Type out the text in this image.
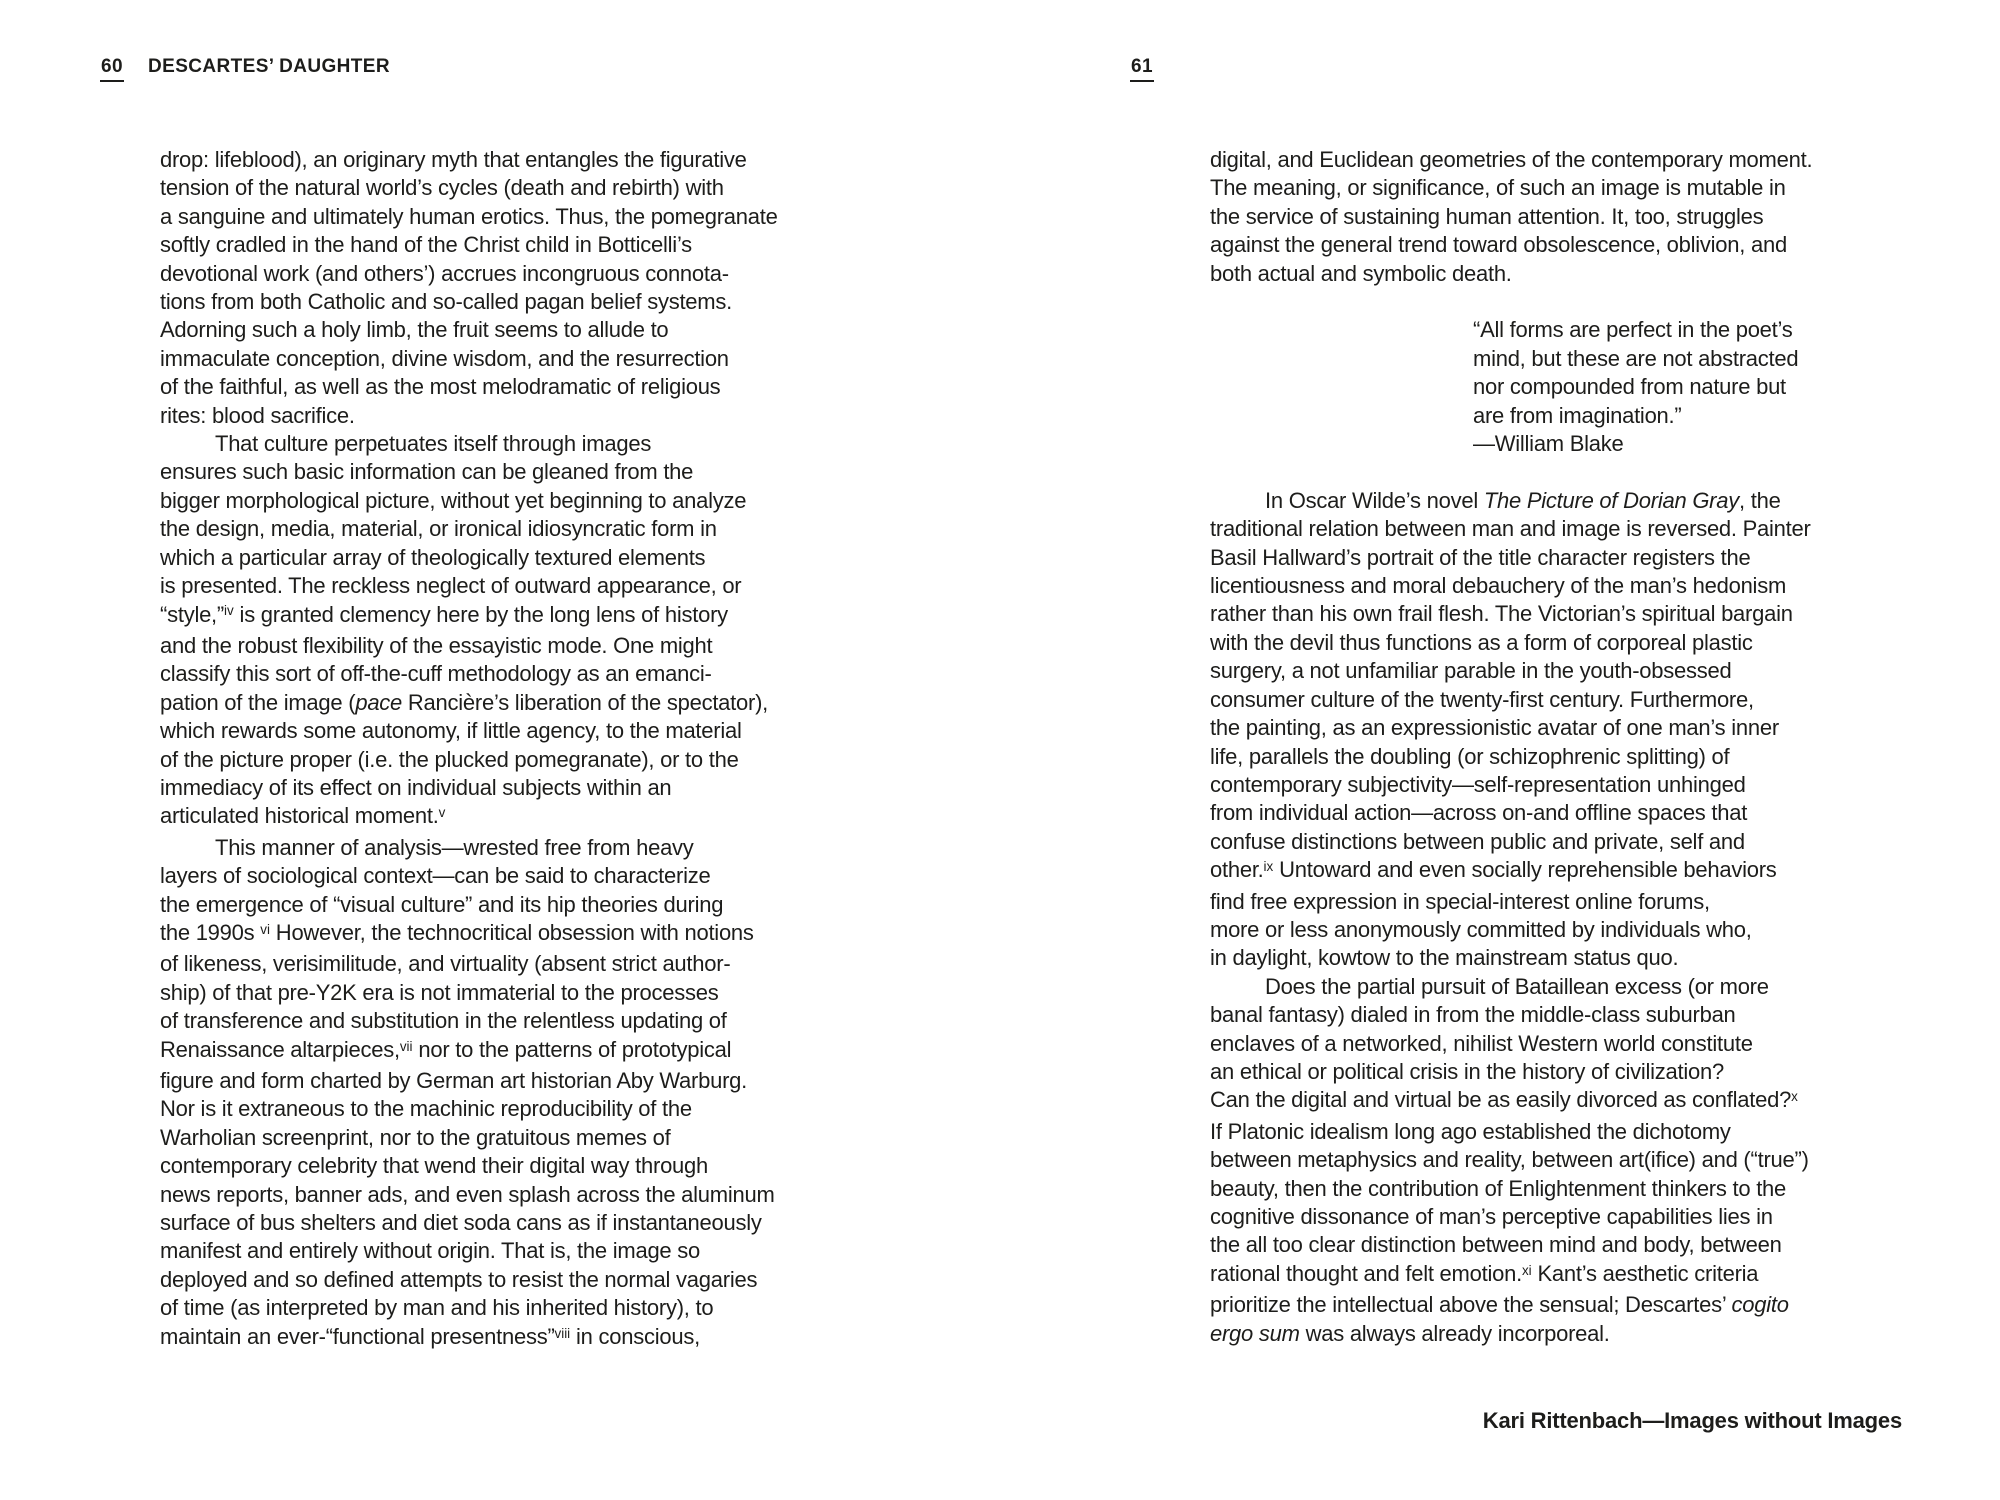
60 DESCARTES’ DAUGHTER	61
drop: lifeblood), an originary myth that entangles the figurative
tension of the natural world’s cycles (death and rebirth) with
a sanguine and ultimately human erotics. Thus, the pomegranate
softly cradled in the hand of the Christ child in Botticelli’s
devotional work (and others’) accrues incongruous connota-
tions from both Catholic and so-called pagan belief systems.
Adorning such a holy limb, the fruit seems to allude to
immaculate conception, divine wisdom, and the resurrection
of the faithful, as well as the most melodramatic of religious
rites: blood sacrifice.
That culture perpetuates itself through images
ensures such basic information can be gleaned from the
bigger morphological picture, without yet beginning to analyze
the design, media, material, or ironical idiosyncratic form in
which a particular array of theologically textured elements
is presented. The reckless neglect of outward appearance, or
“style,”$^{iv}$ is granted clemency here by the long lens of history
and the robust flexibility of the essayistic mode. One might
classify this sort of off-the-cuff methodology as an emanci-
pation of the image (pace Rancière’s liberation of the spectator),
which rewards some autonomy, if little agency, to the material
of the picture proper (i.e. the plucked pomegranate), or to the
immediacy of its effect on individual subjects within an
articulated historical moment.$^v$
This manner of analysis—wrested free from heavy
layers of sociological context—can be said to characterize
the emergence of “visual culture” and its hip theories during
the 1990s $^{vi}$ However, the technocritical obsession with notions
of likeness, verisimilitude, and virtuality (absent strict author-
ship) of that pre-Y2K era is not immaterial to the processes
of transference and substitution in the relentless updating of
Renaissance altarpieces,$^{vii}$ nor to the patterns of prototypical
figure and form charted by German art historian Aby Warburg.
Nor is it extraneous to the machinic reproducibility of the
Warholian screenprint, nor to the gratuitous memes of
contemporary celebrity that wend their digital way through
news reports, banner ads, and even splash across the aluminum
surface of bus shelters and diet soda cans as if instantaneously
manifest and entirely without origin. That is, the image so
deployed and so defined attempts to resist the normal vagaries
of time (as interpreted by man and his inherited history), to
maintain an ever-“functional presentness”$^{viii}$ in conscious,
digital, and Euclidean geometries of the contemporary moment.
The meaning, or significance, of such an image is mutable in
the service of sustaining human attention. It, too, struggles
against the general trend toward obsolescence, oblivion, and
both actual and symbolic death.
“All forms are perfect in the poet’s
mind, but these are not abstracted
nor compounded from nature but
are from imagination.”
—William Blake
In Oscar Wilde’s novel The Picture of Dorian Gray, the
traditional relation between man and image is reversed. Painter
Basil Hallward’s portrait of the title character registers the
licentiousness and moral debauchery of the man’s hedonism
rather than his own frail flesh. The Victorian’s spiritual bargain
with the devil thus functions as a form of corporeal plastic
surgery, a not unfamiliar parable in the youth-obsessed
consumer culture of the twenty-first century. Furthermore,
the painting, as an expressionistic avatar of one man’s inner
life, parallels the doubling (or schizophrenic splitting) of
contemporary subjectivity—self-representation unhinged
from individual action—across on-and offline spaces that
confuse distinctions between public and private, self and
other.$^{ix}$ Untoward and even socially reprehensible behaviors
find free expression in special-interest online forums,
more or less anonymously committed by individuals who,
in daylight, kowtow to the mainstream status quo.
Does the partial pursuit of Bataillean excess (or more
banal fantasy) dialed in from the middle-class suburban
enclaves of a networked, nihilist Western world constitute
an ethical or political crisis in the history of civilization?
Can the digital and virtual be as easily divorced as conflated?$^x$
If Platonic idealism long ago established the dichotomy
between metaphysics and reality, between art(ifice) and (“true”)
beauty, then the contribution of Enlightenment thinkers to the
cognitive dissonance of man’s perceptive capabilities lies in
the all too clear distinction between mind and body, between
rational thought and felt emotion.$^{xi}$ Kant’s aesthetic criteria
prioritize the intellectual above the sensual; Descartes’ cogito
ergo sum was always already incorporeal.
Kari Rittenbach—Images without Images
